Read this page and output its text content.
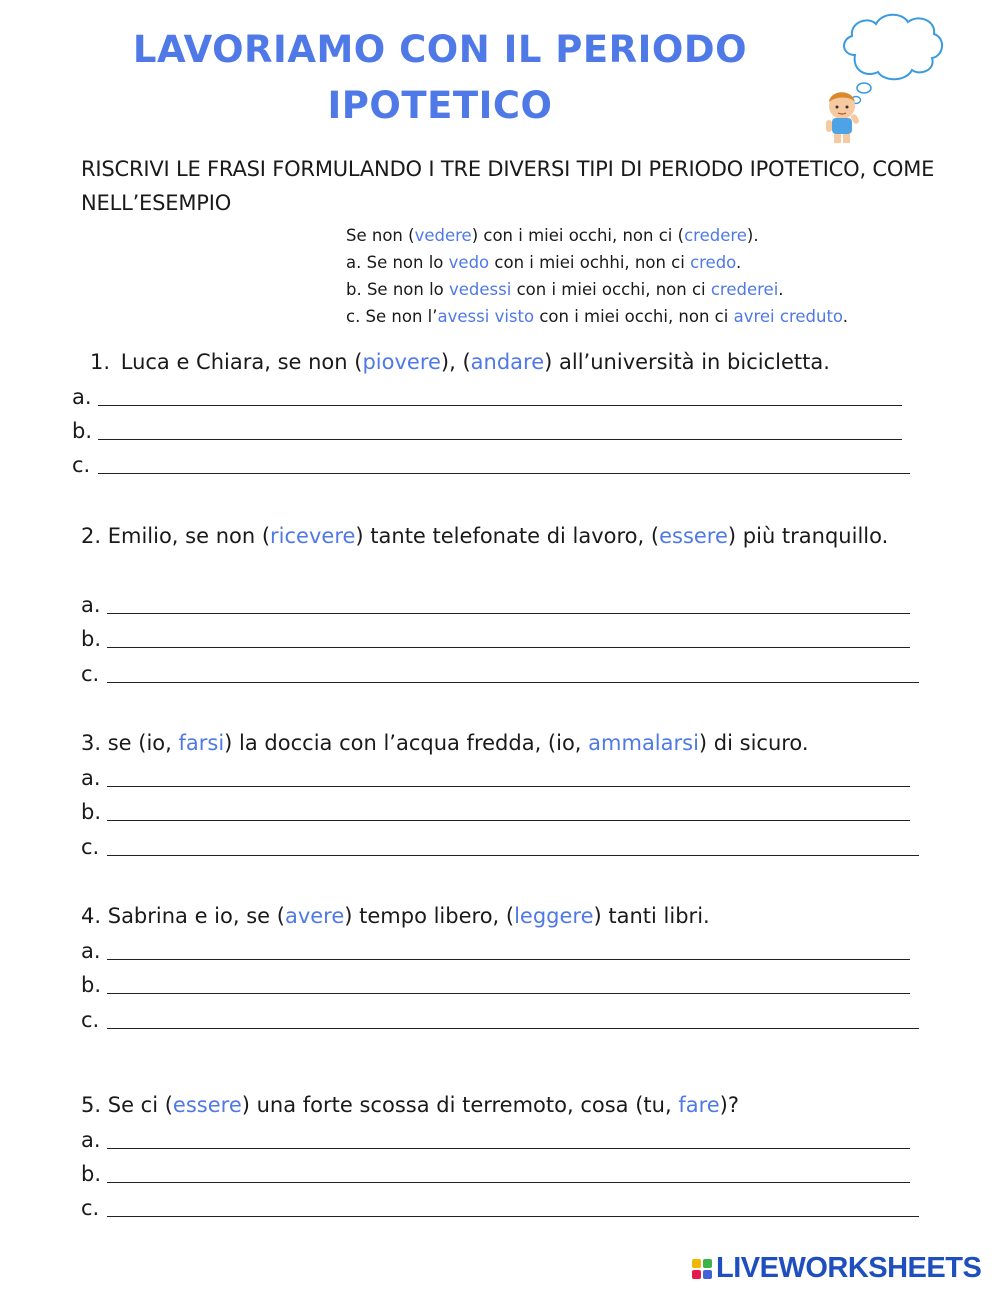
LAVORIAMO CON IL PERIODO
IPOTETICO
RISCRIVI LE FRASI FORMULANDO I TRE DIVERSI TIPI DI PERIODO IPOTETICO, COME NELL’ESEMPIO
Se non (vedere) con i miei occhi, non ci (credere).
a. Se non lo vedo con i miei ochhi, non ci credo.
b. Se non lo vedessi con i miei occhi, non ci crederei.
c. Se non l’avessi visto con i miei occhi, non ci avrei creduto.
1. Luca e Chiara, se non (piovere), (andare) all’università in bicicletta.
a.
b.
c.
2. Emilio, se non (ricevere) tante telefonate di lavoro, (essere) più tranquillo.
a.
b.
c.
3. se (io, farsi) la doccia con l’acqua fredda, (io, ammalarsi) di sicuro.
a.
b.
c.
4. Sabrina e io, se (avere) tempo libero, (leggere) tanti libri.
a.
b.
c.
5. Se ci (essere) una forte scossa di terremoto, cosa (tu, fare)?
a.
b.
c.
LIVEWORKSHEETS
